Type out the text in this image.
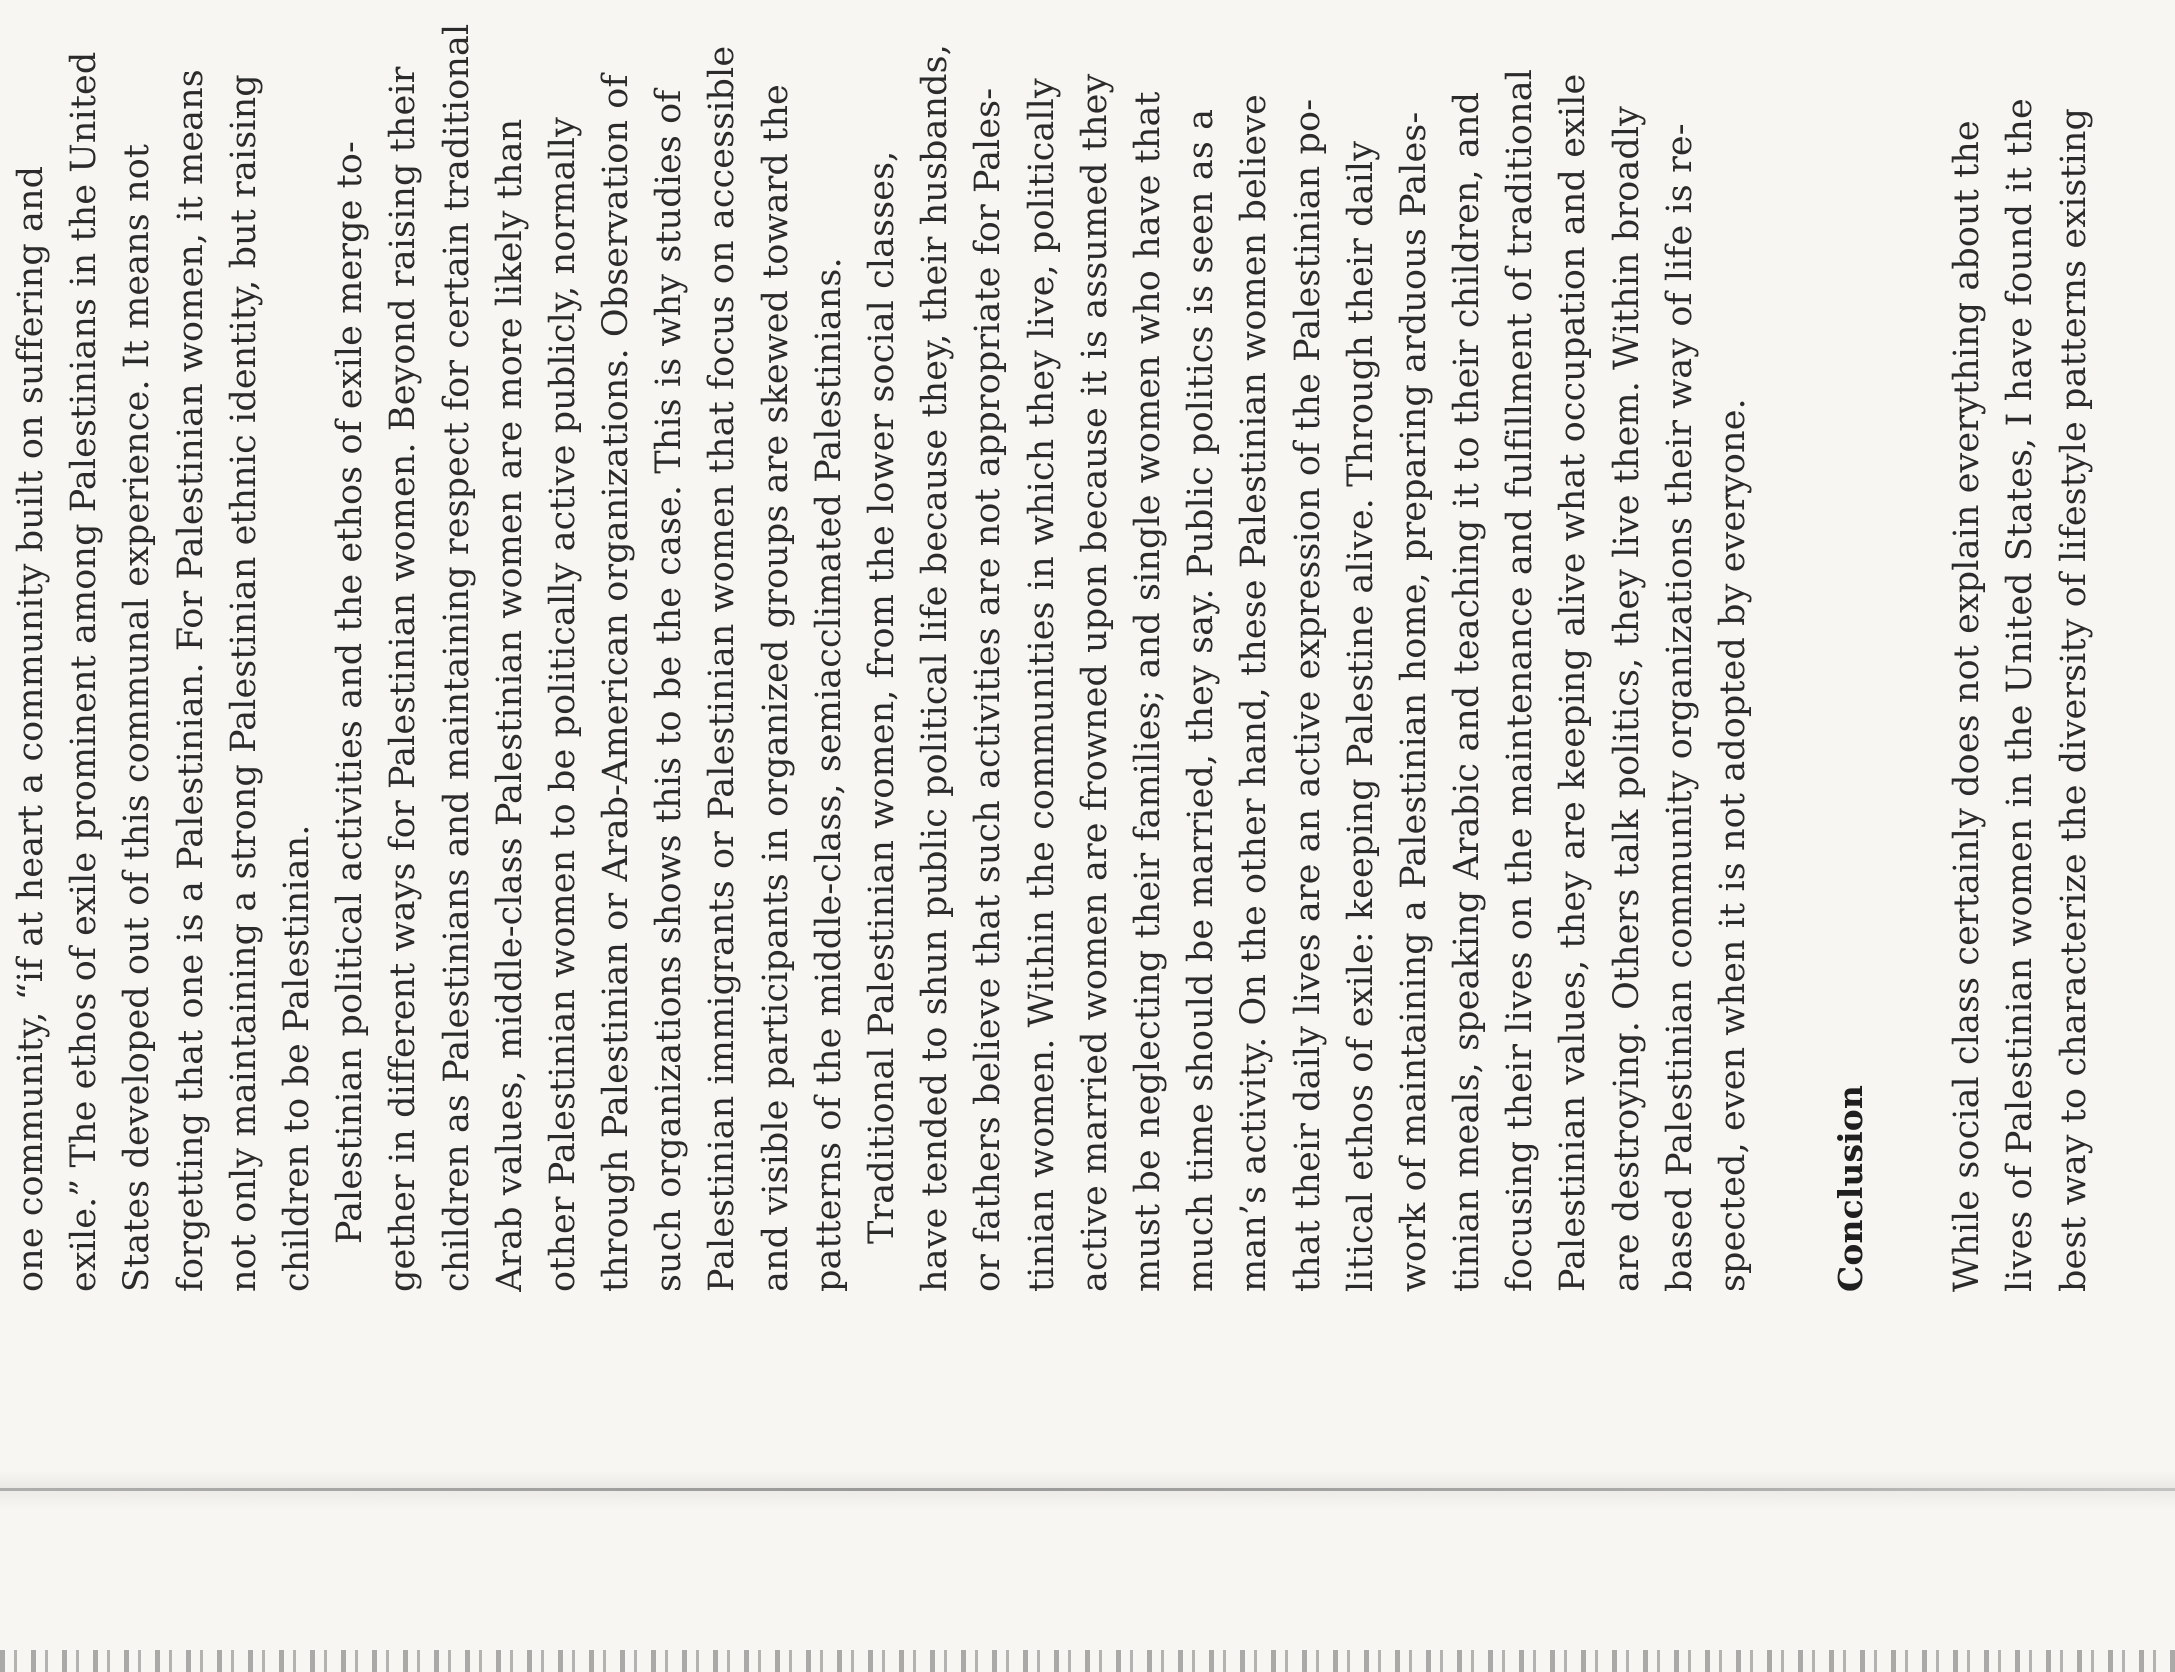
one community, “if at heart a community built on suffering and exile.” The ethos of exile prominent among Palestinians in the United States developed out of this communal experience. It means not forgetting that one is a Palestinian. For Palestinian women, it means not only maintaining a strong Palestinian ethnic identity, but raising children to be Palestinian. Palestinian political activities and the ethos of exile merge to- gether in different ways for Palestinian women. Beyond raising their children as Palestinians and maintaining respect for certain traditional Arab values, middle-class Palestinian women are more likely than other Palestinian women to be politically active publicly, normally through Palestinian or Arab-American organizations. Observation of such organizations shows this to be the case. This is why studies of Palestinian immigrants or Palestinian women that focus on accessible and visible participants in organized groups are skewed toward the patterns of the middle-class, semiacclimated Palestinians. Traditional Palestinian women, from the lower social classes, have tended to shun public political life because they, their husbands, or fathers believe that such activities are not appropriate for Pales- tinian women. Within the communities in which they live, politically active married women are frowned upon because it is assumed they must be neglecting their families; and single women who have that much time should be married, they say. Public politics is seen as a man’s activity. On the other hand, these Palestinian women believe that their daily lives are an active expression of the Palestinian po- litical ethos of exile: keeping Palestine alive. Through their daily work of maintaining a Palestinian home, preparing arduous Pales- tinian meals, speaking Arabic and teaching it to their children, and focusing their lives on the maintenance and fulfillment of traditional Palestinian values, they are keeping alive what occupation and exile are destroying. Others talk politics, they live them. Within broadly based Palestinian community organizations their way of life is re- spected, even when it is not adopted by everyone. Conclusion While social class certainly does not explain everything about the lives of Palestinian women in the United States, I have found it the best way to characterize the diversity of lifestyle patterns existing
